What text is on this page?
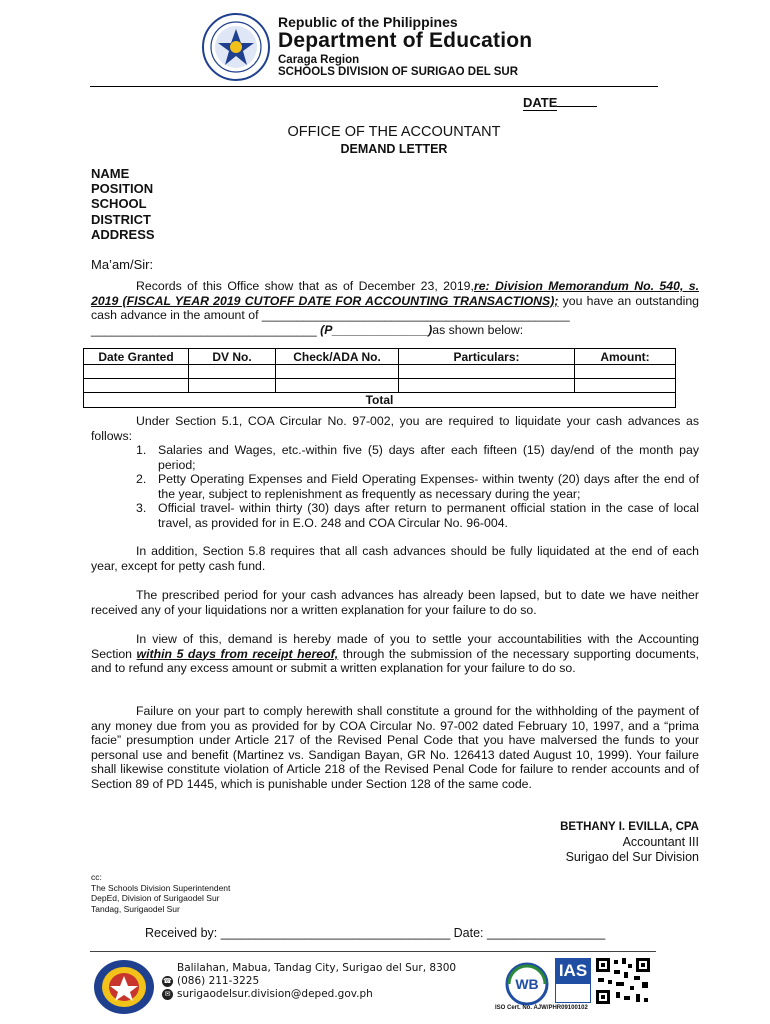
Republic of the Philippines
Department of Education
Caraga Region
SCHOOLS DIVISION OF SURIGAO DEL SUR
DATE
OFFICE OF THE ACCOUNTANT
DEMAND LETTER
NAME
POSITION
SCHOOL
DISTRICT
ADDRESS
Ma’am/Sir:
Records of this Office show that as of December 23, 2019,re: Division Memorandum No. 540, s. 2019 (FISCAL YEAR 2019 CUTOFF DATE FOR ACCOUNTING TRANSACTIONS); you have an outstanding cash advance in the amount of _____________________________________________
_________________________________ (P______________)as shown below:
Date Granted	DV No.	Check/ADA No.	Particulars:	Amount:

Total				
Under Section 5.1, COA Circular No. 97-002, you are required to liquidate your cash advances as follows:
1. Salaries and Wages, etc.-within five (5) days after each fifteen (15) day/end of the month pay period;
2. Petty Operating Expenses and Field Operating Expenses- within twenty (20) days after the end of the year, subject to replenishment as frequently as necessary during the year;
3. Official travel- within thirty (30) days after return to permanent official station in the case of local travel, as provided for in E.O. 248 and COA Circular No. 96-004.
In addition, Section 5.8 requires that all cash advances should be fully liquidated at the end of each year, except for petty cash fund.
The prescribed period for your cash advances has already been lapsed, but to date we have neither received any of your liquidations nor a written explanation for your failure to do so.
In view of this, demand is hereby made of you to settle your accountabilities with the Accounting Section within 5 days from receipt hereof, through the submission of the necessary supporting documents, and to refund any excess amount or submit a written explanation for your failure to do so.
Failure on your part to comply herewith shall constitute a ground for the withholding of the payment of any money due from you as provided for by COA Circular No. 97-002 dated February 10, 1997, and a “prima facie” presumption under Article 217 of the Revised Penal Code that you have malversed the funds to your personal use and benefit (Martinez vs. Sandigan Bayan, GR No. 126413 dated August 10, 1999). Your failure shall likewise constitute violation of Article 218 of the Revised Penal Code for failure to render accounts and of Section 89 of PD 1445, which is punishable under Section 128 of the same code.
BETHANY I. EVILLA, CPA
Accountant III
Surigao del Sur Division
cc:
The Schools Division Superintendent
DepEd, Division of Surigaodel Sur
Tandag, Surigaodel Sur
Received by: _________________________________ Date: _________________
Balilahan, Mabua, Tandag City, Surigao del Sur, 8300
☎ (086) 211-3225
✉ surigaodelsur.division@deped.gov.ph
WB
IAS
ISO Cert. No. AJW/PHR09100102
